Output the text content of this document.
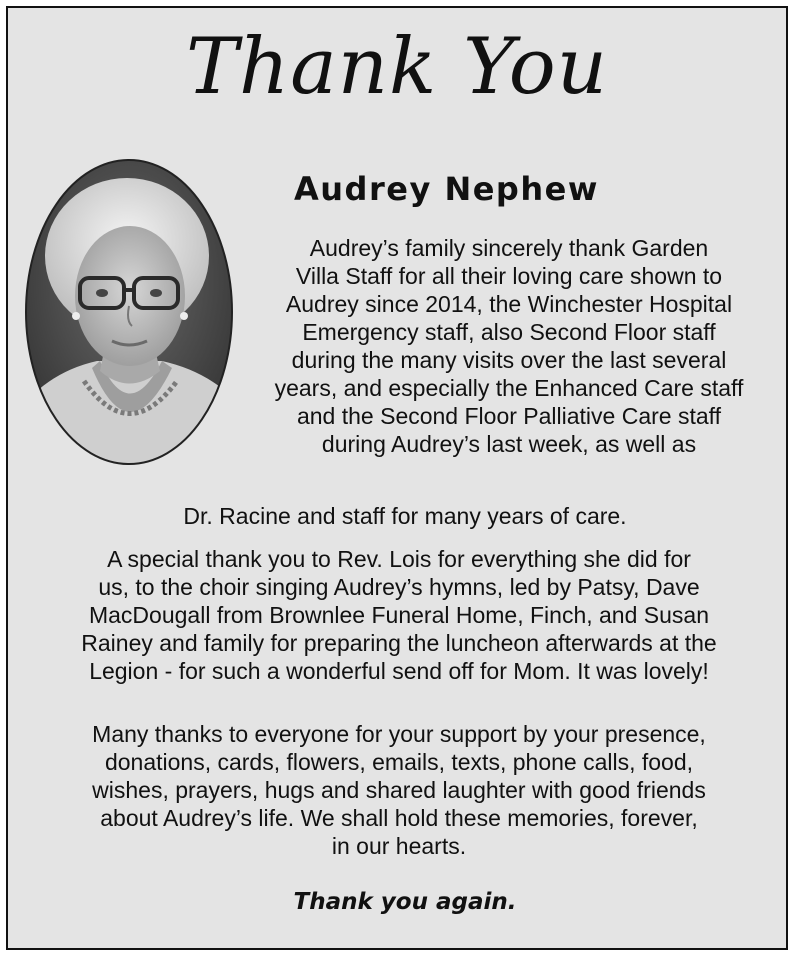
Thank You
Audrey Nephew
Audrey’s family sincerely thank Garden
Villa Staff for all their loving care shown to
Audrey since 2014, the Winchester Hospital
Emergency staff, also Second Floor staff
during the many visits over the last several
years, and especially the Enhanced Care staff
and the Second Floor Palliative Care staff
during Audrey’s last week, as well as
Dr. Racine and staff for many years of care.
A special thank you to Rev. Lois for everything she did for
us, to the choir singing Audrey’s hymns, led by Patsy, Dave
MacDougall from Brownlee Funeral Home, Finch, and Susan
Rainey and family for preparing the luncheon afterwards at the
Legion - for such a wonderful send off for Mom. It was lovely!
Many thanks to everyone for your support by your presence,
donations, cards, flowers, emails, texts, phone calls, food,
wishes, prayers, hugs and shared laughter with good friends
about Audrey’s life. We shall hold these memories, forever,
in our hearts.
Thank you again.
